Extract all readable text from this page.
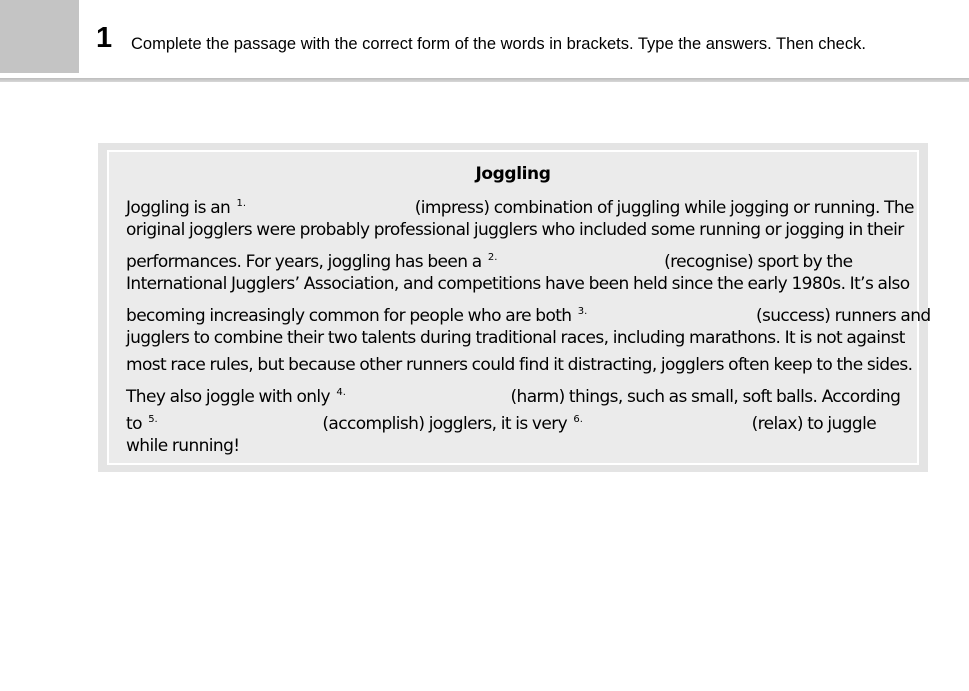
1 Complete the passage with the correct form of the words in brackets. Type the answers. Then check.
Joggling
Joggling is an $^{1.}$	(impress) combination of juggling while jogging or running. The
original jogglers were probably professional jugglers who included some running or jogging in their
performances. For years, joggling has been a $^{2.}$	(recognise) sport by the
International Jugglers’ Association, and competitions have been held since the early 1980s. It’s also
becoming increasingly common for people who are both $^{3.}$	(success) runners and
jugglers to combine their two talents during traditional races, including marathons. It is not against
most race rules, but because other runners could find it distracting, jogglers often keep to the sides.
They also joggle with only $^{4.}$	(harm) things, such as small, soft balls. According
to $^{5.}$	(accomplish) jogglers, it is very $^{6.}$	(relax) to juggle
while running!
